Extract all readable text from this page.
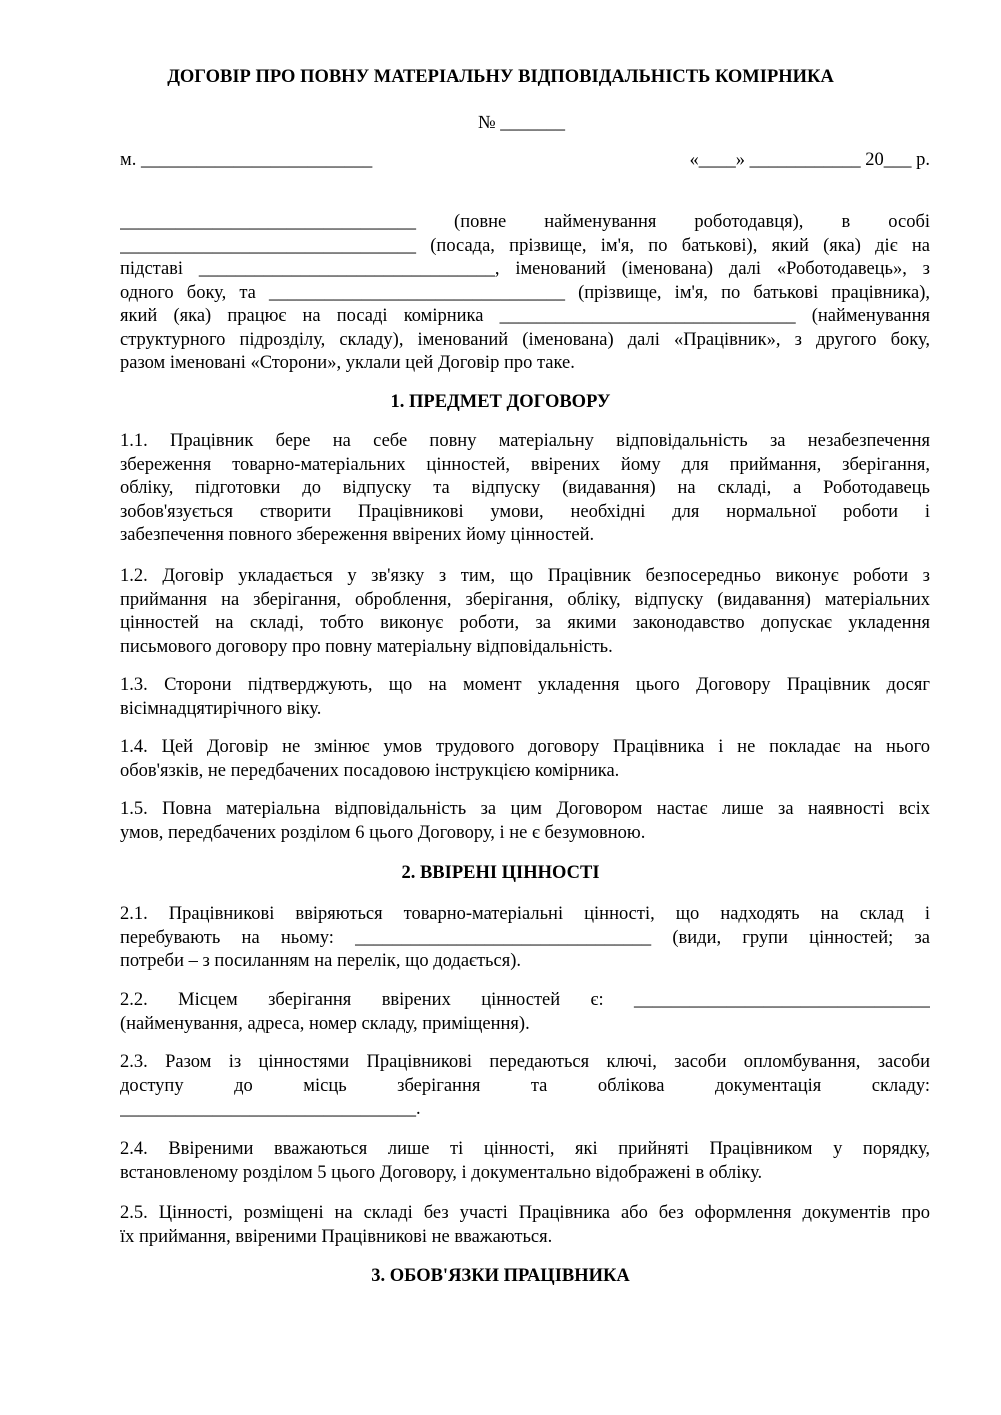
ДОГОВІР ПРО ПОВНУ МАТЕРІАЛЬНУ ВІДПОВІДАЛЬНІСТЬ КОМІРНИКА
№ _______
м. _________________________	«____» ____________ 20___ р.
________________________________ (повне найменування роботодавця), в особі
________________________________ (посада, прізвище, ім'я, по батькові), який (яка) діє на
підставі ________________________________, іменований (іменована) далі «Роботодавець», з
одного боку, та ________________________________ (прізвище, ім'я, по батькові працівника),
який (яка) працює на посаді комірника ________________________________ (найменування
структурного підрозділу, складу), іменований (іменована) далі «Працівник», з другого боку,
разом іменовані «Сторони», уклали цей Договір про таке.
1. ПРЕДМЕТ ДОГОВОРУ
1.1. Працівник бере на себе повну матеріальну відповідальність за незабезпечення
збереження товарно-матеріальних цінностей, ввірених йому для приймання, зберігання,
обліку, підготовки до відпуску та відпуску (видавання) на складі, а Роботодавець
зобов'язується створити Працівникові умови, необхідні для нормальної роботи і
забезпечення повного збереження ввірених йому цінностей.
1.2. Договір укладається у зв'язку з тим, що Працівник безпосередньо виконує роботи з
приймання на зберігання, оброблення, зберігання, обліку, відпуску (видавання) матеріальних
цінностей на складі, тобто виконує роботи, за якими законодавство допускає укладення
письмового договору про повну матеріальну відповідальність.
1.3. Сторони підтверджують, що на момент укладення цього Договору Працівник досяг
вісімнадцятирічного віку.
1.4. Цей Договір не змінює умов трудового договору Працівника і не покладає на нього
обов'язків, не передбачених посадовою інструкцією комірника.
1.5. Повна матеріальна відповідальність за цим Договором настає лише за наявності всіх
умов, передбачених розділом 6 цього Договору, і не є безумовною.
2. ВВІРЕНІ ЦІННОСТІ
2.1. Працівникові ввіряються товарно-матеріальні цінності, що надходять на склад і
перебувають на ньому: ________________________________ (види, групи цінностей; за
потреби – з посиланням на перелік, що додається).
2.2. Місцем зберігання ввірених цінностей є: ________________________________
(найменування, адреса, номер складу, приміщення).
2.3. Разом із цінностями Працівникові передаються ключі, засоби опломбування, засоби
доступу до місць зберігання та облікова документація складу:
________________________________.
2.4. Ввіреними вважаються лише ті цінності, які прийняті Працівником у порядку,
встановленому розділом 5 цього Договору, і документально відображені в обліку.
2.5. Цінності, розміщені на складі без участі Працівника або без оформлення документів про
їх приймання, ввіреними Працівникові не вважаються.
3. ОБОВ'ЯЗКИ ПРАЦІВНИКА
